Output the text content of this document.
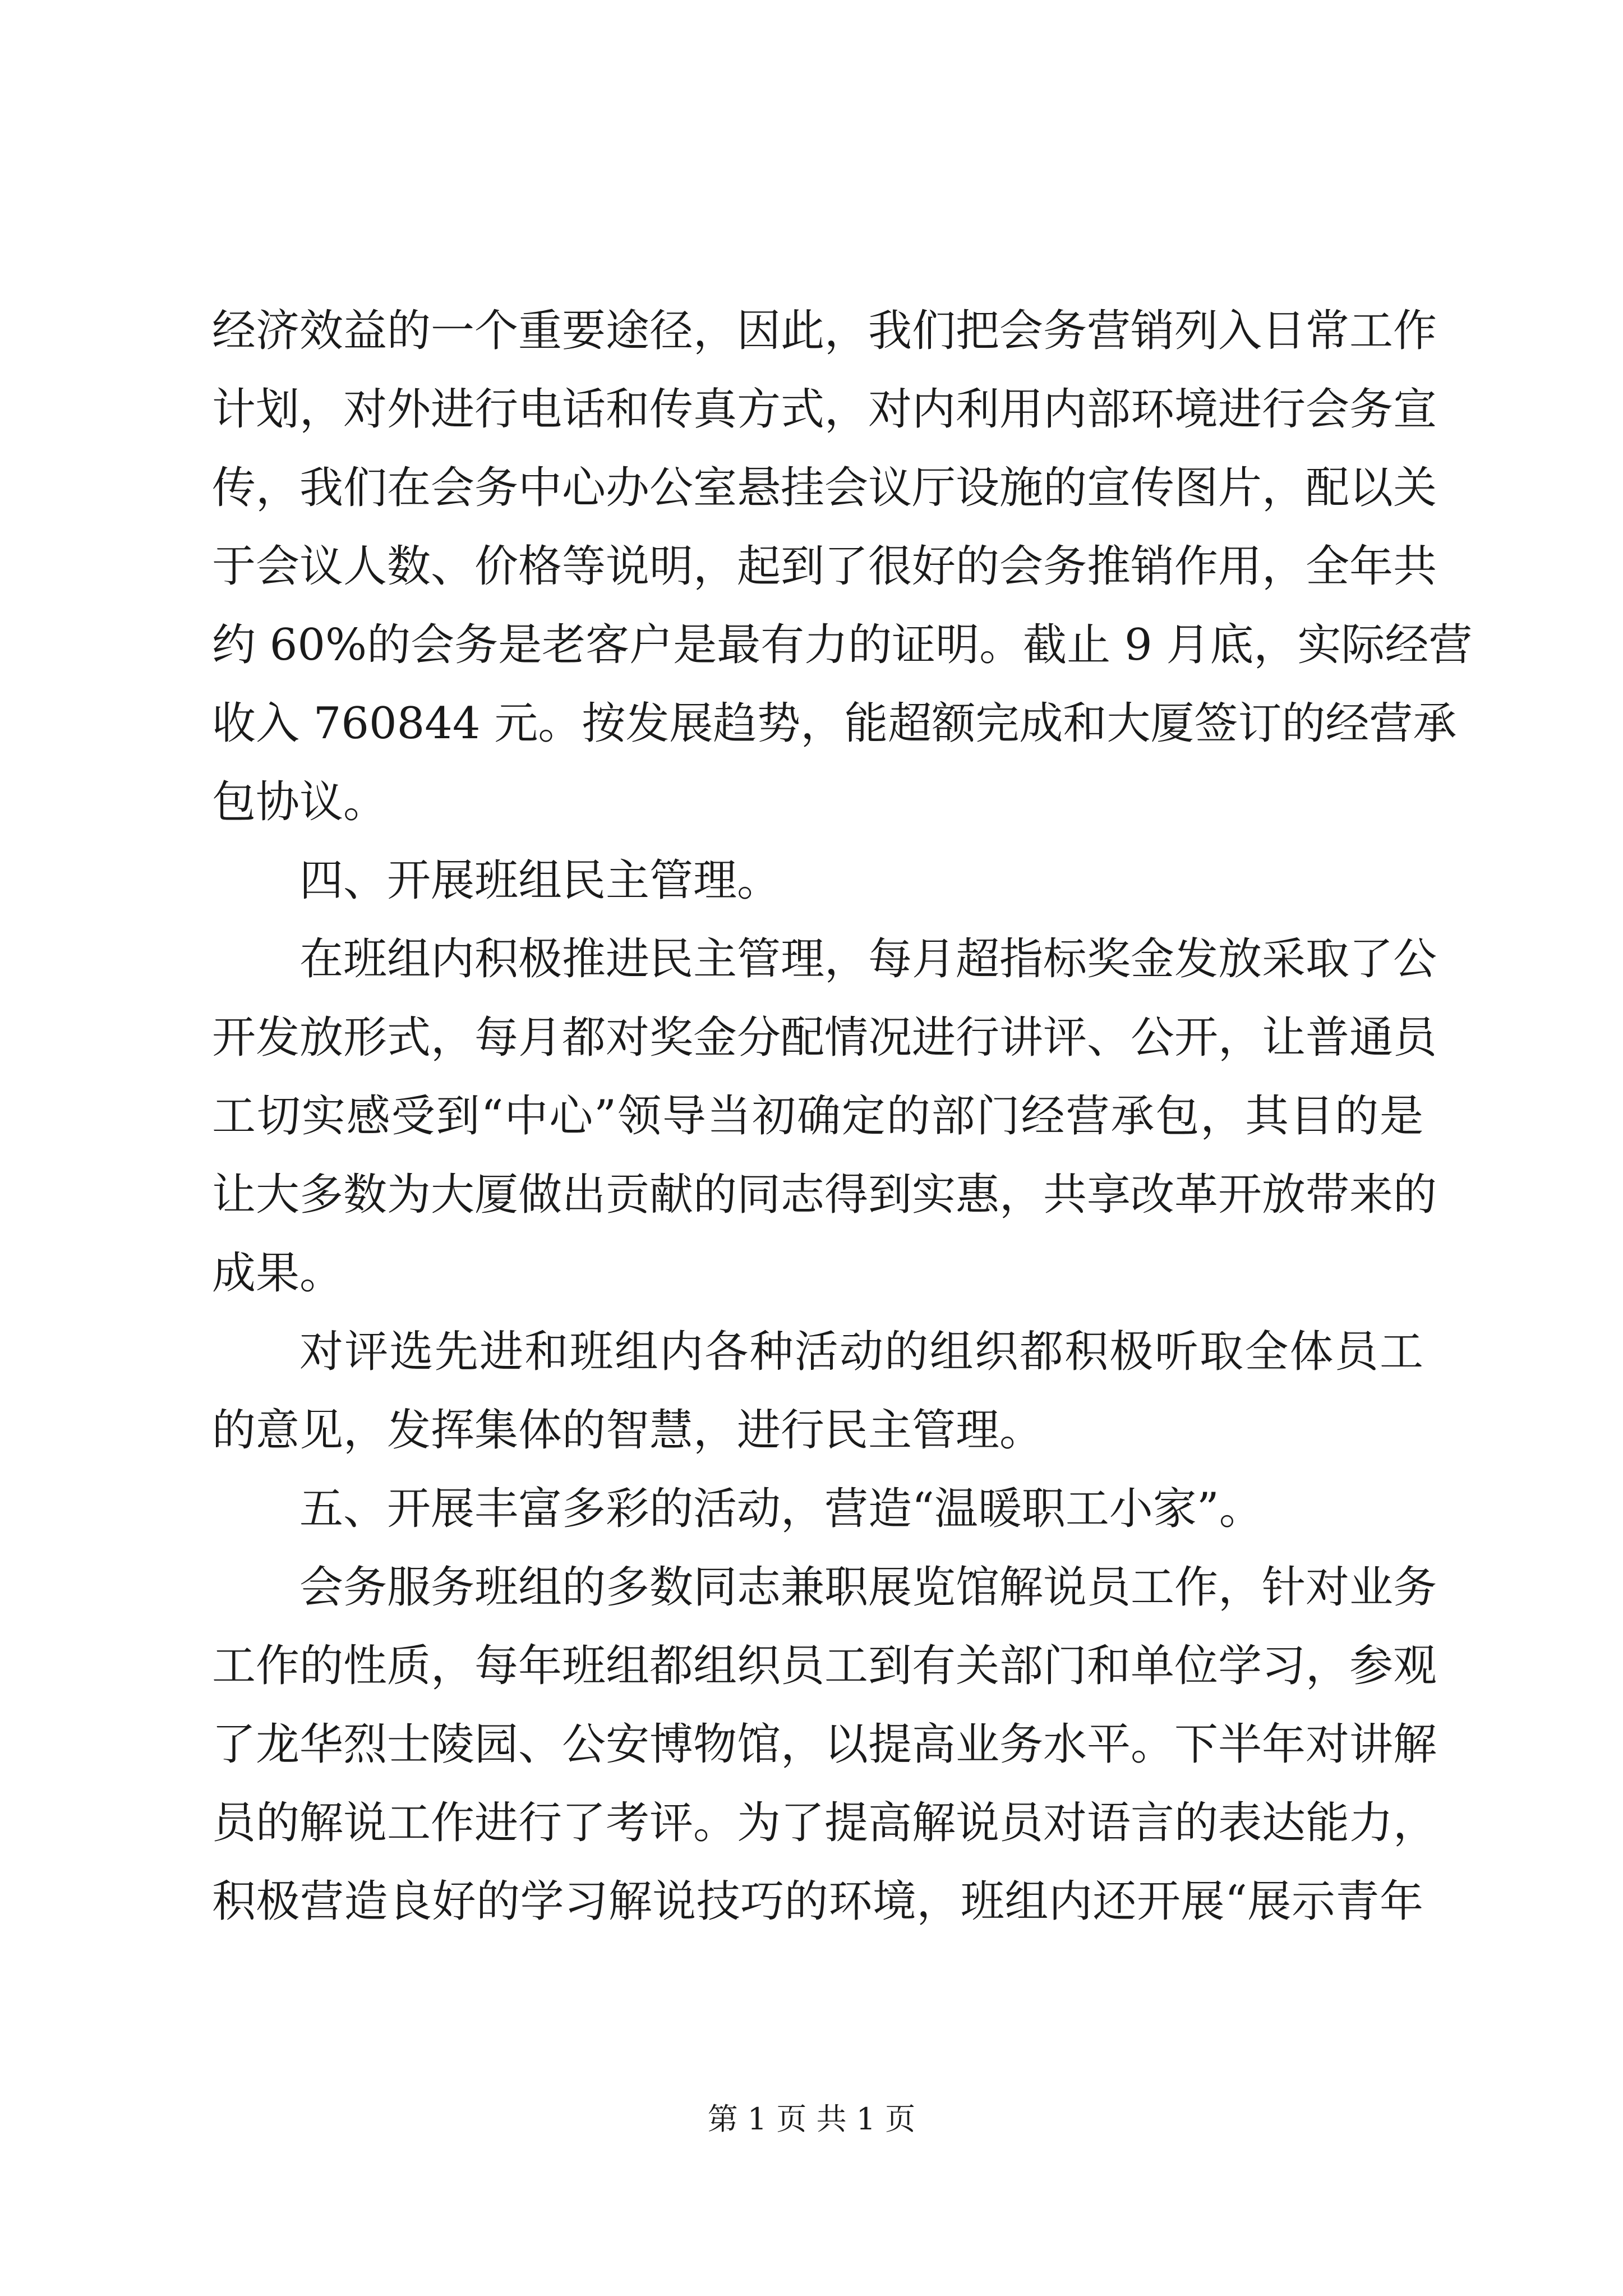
经济效益的一个重要途径，因此，我们把会务营销列入日常工作
计划，对外进行电话和传真方式，对内利用内部环境进行会务宣
传，我们在会务中心办公室悬挂会议厅设施的宣传图片，配以关
于会议人数、价格等说明，起到了很好的会务推销作用，全年共
约 60%的会务是老客户是最有力的证明。截止 9 月底，实际经营
收入 760844 元。按发展趋势，能超额完成和大厦签订的经营承
包协议。
四、开展班组民主管理。
在班组内积极推进民主管理，每月超指标奖金发放采取了公
开发放形式，每月都对奖金分配情况进行讲评、公开，让普通员
工切实感受到“中心”领导当初确定的部门经营承包，其目的是
让大多数为大厦做出贡献的同志得到实惠，共享改革开放带来的
成果。
对评选先进和班组内各种活动的组织都积极听取全体员工
的意见，发挥集体的智慧，进行民主管理。
五、开展丰富多彩的活动，营造“温暖职工小家”。
会务服务班组的多数同志兼职展览馆解说员工作，针对业务
工作的性质，每年班组都组织员工到有关部门和单位学习，参观
了龙华烈士陵园、公安博物馆，以提高业务水平。下半年对讲解
员的解说工作进行了考评。为了提高解说员对语言的表达能力，
积极营造良好的学习解说技巧的环境，班组内还开展“展示青年
第 1 页 共 1 页
